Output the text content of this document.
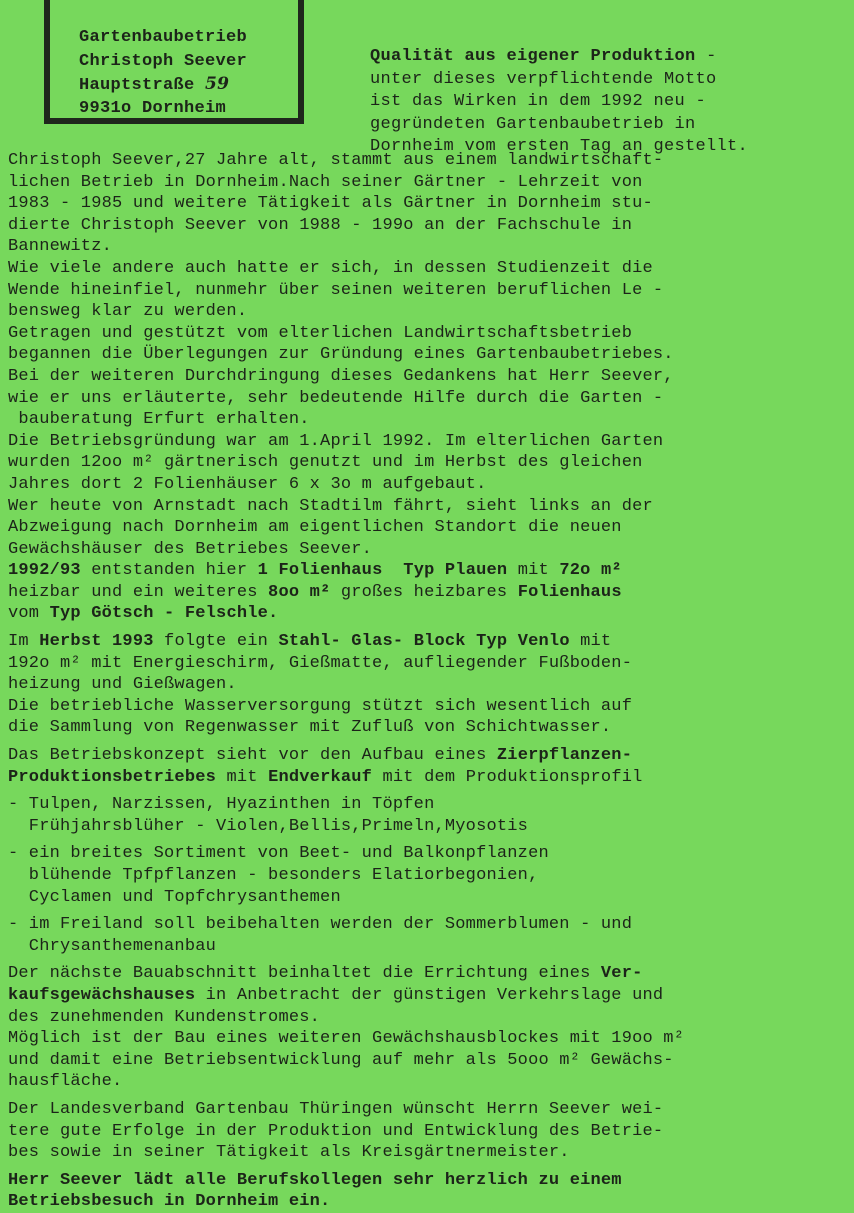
Gartenbaubetrieb
Christoph Seever
Hauptstraße 59
9931o Dornheim
Qualität aus eigener Produktion -
unter dieses verpflichtende Motto
ist das Wirken in dem 1992 neu -
gegründeten Gartenbaubetrieb in
Dornheim vom ersten Tag an gestellt.
Christoph Seever,27 Jahre alt, stammt aus einem landwirtschaft-
lichen Betrieb in Dornheim.Nach seiner Gärtner - Lehrzeit von
1983 - 1985 und weitere Tätigkeit als Gärtner in Dornheim stu-
dierte Christoph Seever von 1988 - 199o an der Fachschule in
Bannewitz.
Wie viele andere auch hatte er sich, in dessen Studienzeit die
Wende hineinfiel, nunmehr über seinen weiteren beruflichen Le -
bensweg klar zu werden.
Getragen und gestützt vom elterlichen Landwirtschaftsbetrieb
begannen die Überlegungen zur Gründung eines Gartenbaubetriebes.
Bei der weiteren Durchdringung dieses Gedankens hat Herr Seever,
wie er uns erläuterte, sehr bedeutende Hilfe durch die Garten -
bauberatung Erfurt erhalten.
Die Betriebsgründung war am 1.April 1992. Im elterlichen Garten
wurden 12oo m² gärtnerisch genutzt und im Herbst des gleichen
Jahres dort 2 Folienhäuser 6 x 3o m aufgebaut.
Wer heute von Arnstadt nach Stadtilm fährt, sieht links an der
Abzweigung nach Dornheim am eigentlichen Standort die neuen
Gewächshäuser des Betriebes Seever.
1992/93 entstanden hier 1 Folienhaus Typ Plauen mit 72o m²
heizbar und ein weiteres 8oo m² großes heizbares Folienhaus
vom Typ Götsch - Felschle.
Im Herbst 1993 folgte ein Stahl- Glas- Block Typ Venlo mit
192o m² mit Energieschirm, Gießmatte, aufliegender Fußboden-
heizung und Gießwagen.
Die betriebliche Wasserversorgung stützt sich wesentlich auf
die Sammlung von Regenwasser mit Zufluß von Schichtwasser.
Das Betriebskonzept sieht vor den Aufbau eines Zierpflanzen-
Produktionsbetriebes mit Endverkauf mit dem Produktionsprofil
- Tulpen, Narzissen, Hyazinthen in Töpfen
Frühjahrsblüher - Violen,Bellis,Primeln,Myosotis
- ein breites Sortiment von Beet- und Balkonpflanzen
blühende Tpfpflanzen - besonders Elatiorbegonien,
Cyclamen und Topfchrysanthemen
- im Freiland soll beibehalten werden der Sommerblumen - und
Chrysanthemenanbau
Der nächste Bauabschnitt beinhaltet die Errichtung eines Ver-
kaufsgewächshauses in Anbetracht der günstigen Verkehrslage und
des zunehmenden Kundenstromes.
Möglich ist der Bau eines weiteren Gewächshausblockes mit 19oo m²
und damit eine Betriebsentwicklung auf mehr als 5ooo m² Gewächs-
hausfläche.
Der Landesverband Gartenbau Thüringen wünscht Herrn Seever wei-
tere gute Erfolge in der Produktion und Entwicklung des Betrie-
bes sowie in seiner Tätigkeit als Kreisgärtnermeister.
Herr Seever lädt alle Berufskollegen sehr herzlich zu einem
Betriebsbesuch in Dornheim ein.
